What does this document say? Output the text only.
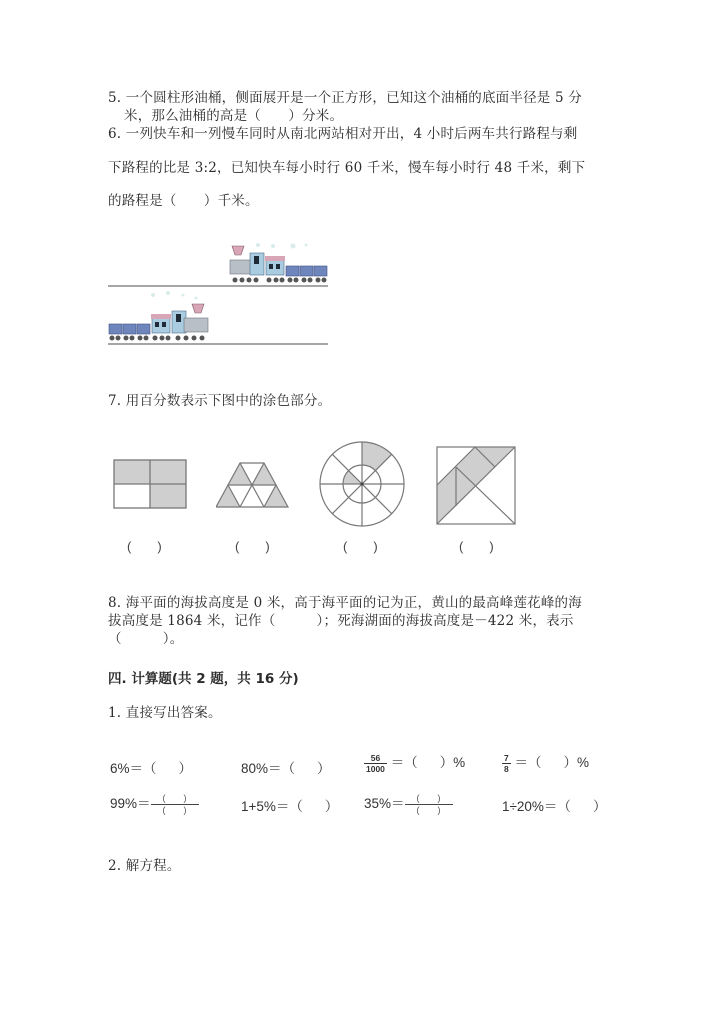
5. 一个圆柱形油桶，侧面展开是一个正方形，已知这个油桶的底面半径是 5 分
米，那么油桶的高是（　　）分米。
6. 一列快车和一列慢车同时从南北两站相对开出，4 小时后两车共行路程与剩
下路程的比是 3:2，已知快车每小时行 60 千米，慢车每小时行 48 千米，剩下
的路程是（　　）千米。
7. 用百分数表示下图中的涂色部分。
(　　)	(　　)	(　　)	(　　)
8. 海平面的海拔高度是 0 米，高于海平面的记为正，黄山的最高峰莲花峰的海
拔高度是 1864 米，记作（　　　）；死海湖面的海拔高度是－422 米，表示
（　　　）。
四. 计算题(共 2 题，共 16 分)
1. 直接写出答案。
6%＝（ ）	80%＝（ ）	$\frac{56}{1000}$ ＝（ ）%	$\frac{7}{8}$ ＝（ ）%
$99\%= \frac{( )}{( )}$	1+5%＝（ ） $35\%= \frac{( )}{( )}$	1÷20%＝（ ）
2. 解方程。
